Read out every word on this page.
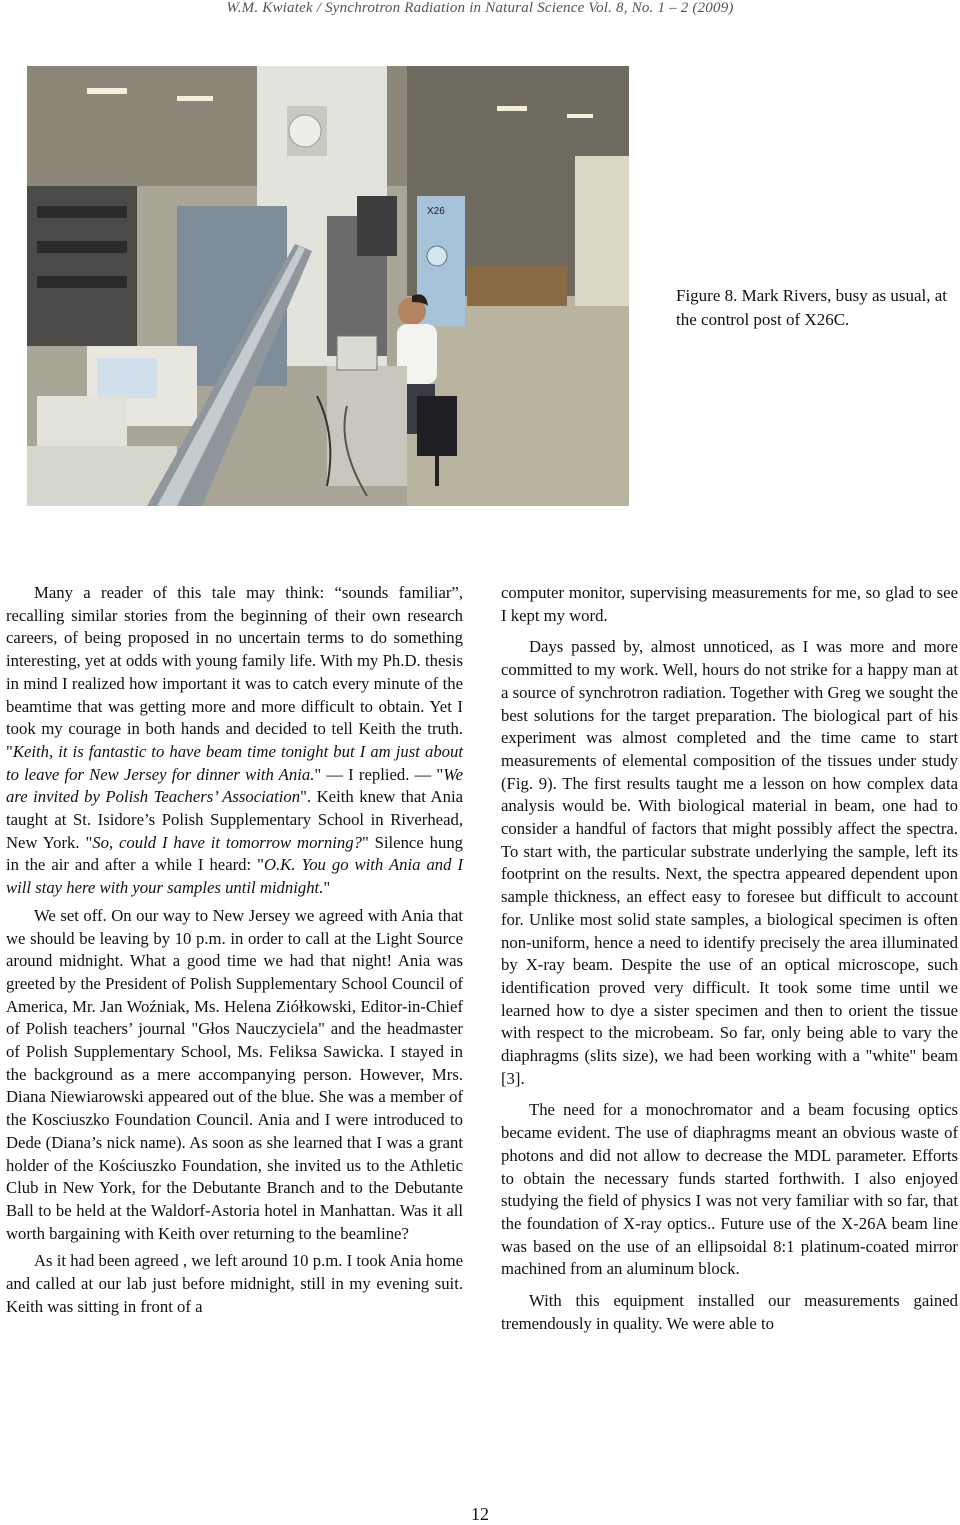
W.M. Kwiatek / Synchrotron Radiation in Natural Science Vol. 8, No. 1 – 2 (2009)
X26
Figure 8. Mark Rivers, busy as usual, at the control post of X26C.

Many a reader of this tale may think: “sounds familiar”, recalling similar stories from the beginning of their own research careers, of being proposed in no uncertain terms to do something interesting, yet at odds with young family life. With my Ph.D. thesis in mind I realized how important it was to catch every minute of the beamtime that was getting more and more difficult to obtain. Yet I took my courage in both hands and decided to tell Keith the truth. "Keith, it is fantastic to have beam time tonight but I am just about to leave for New Jersey for dinner with Ania." — I replied. — "We are invited by Polish Teachers’ Association". Keith knew that Ania taught at St. Isidore’s Polish Supplementary School in Riverhead, New York. "So, could I have it tomorrow morning?" Silence hung in the air and after a while I heard: "O.K. You go with Ania and I will stay here with your samples until midnight."

We set off. On our way to New Jersey we agreed with Ania that we should be leaving by 10 p.m. in order to call at the Light Source around midnight. What a good time we had that night! Ania was greeted by the President of Polish Supplementary School Council of America, Mr. Jan Woźniak, Ms. Helena Ziółkowski, Editor-in-Chief of Polish teachers’ journal "Głos Nauczyciela" and the headmaster of Polish Supplementary School, Ms. Feliksa Sawicka. I stayed in the background as a mere accompanying person. However, Mrs. Diana Niewiarowski appeared out of the blue. She was a member of the Kosciuszko Foundation Council. Ania and I were introduced to Dede (Diana’s nick name). As soon as she learned that I was a grant holder of the Kościuszko Foundation, she invited us to the Athletic Club in New York, for the Debutante Branch and to the Debutante Ball to be held at the Waldorf-Astoria hotel in Manhattan. Was it all worth bargaining with Keith over returning to the beamline?

As it had been agreed , we left around 10 p.m. I took Ania home and called at our lab just before midnight, still in my evening suit. Keith was sitting in front of a

computer monitor, supervising measurements for me, so glad to see I kept my word.

Days passed by, almost unnoticed, as I was more and more committed to my work. Well, hours do not strike for a happy man at a source of synchrotron radiation. Together with Greg we sought the best solutions for the target preparation. The biological part of his experiment was almost completed and the time came to start measurements of elemental composition of the tissues under study (Fig. 9). The first results taught me a lesson on how complex data analysis would be. With biological material in beam, one had to consider a handful of factors that might possibly affect the spectra. To start with, the particular substrate underlying the sample, left its footprint on the results. Next, the spectra appeared dependent upon sample thickness, an effect easy to foresee but difficult to account for. Unlike most solid state samples, a biological specimen is often non-uniform, hence a need to identify precisely the area illuminated by X-ray beam. Despite the use of an optical microscope, such identification proved very difficult. It took some time until we learned how to dye a sister specimen and then to orient the tissue with respect to the microbeam. So far, only being able to vary the diaphragms (slits size), we had been working with a "white" beam [3].

The need for a monochromator and a beam focusing optics became evident. The use of diaphragms meant an obvious waste of photons and did not allow to decrease the MDL parameter. Efforts to obtain the necessary funds started forthwith. I also enjoyed studying the field of physics I was not very familiar with so far, that the foundation of X-ray optics.. Future use of the X-26A beam line was based on the use of an ellipsoidal 8:1 platinum-coated mirror machined from an aluminum block.

With this equipment installed our measurements gained tremendously in quality. We were able to

12
